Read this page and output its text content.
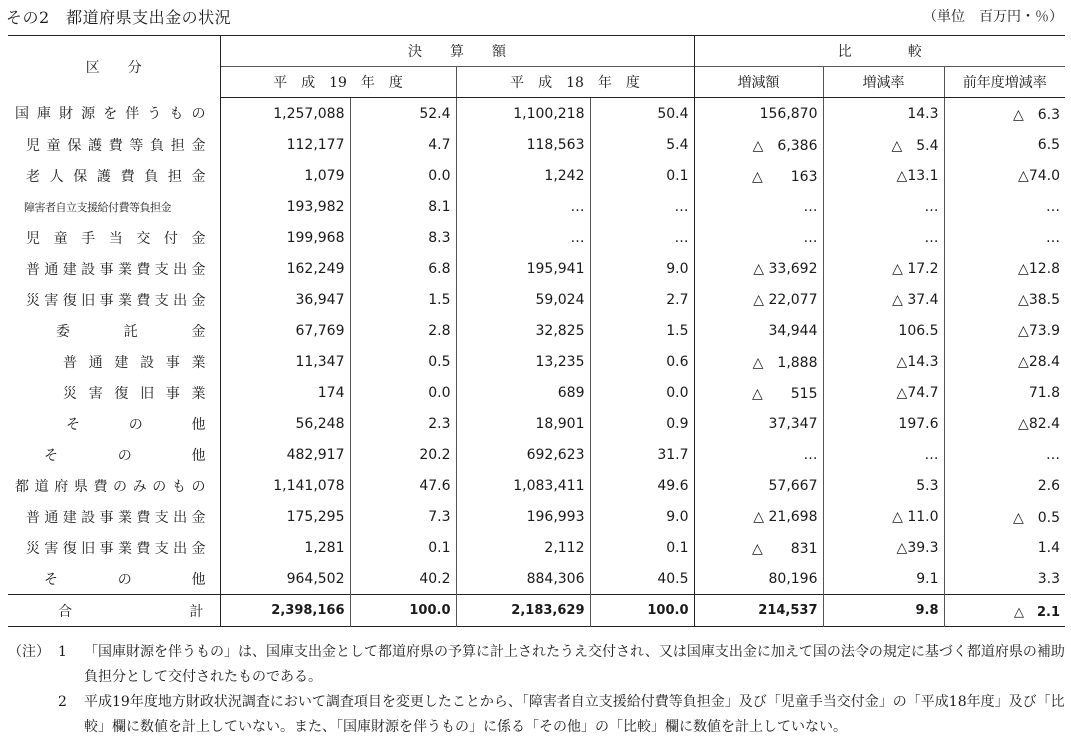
その2　都道府県支出金の状況	（単位　百万円・％）
区　　分	決　　算　　額				比　　　　較		
	平　成　19　年　度		平　成　18　年　度		増減額	増減率	前年度増減率
国庫財源を伴うもの	1,257,088	52.4	1,100,218	50.4	156,870	14.3	△　6.3
児童保護費等負担金	112,177	4.7	118,563	5.4	△　6,386	△　5.4	6.5
老人保護費負担金	1,079	0.0	1,242	0.1	△　　163	△13.1	△74.0
障害者自立支援給付費等負担金	193,982	8.1	…	…	…	…	…
児童手当交付金	199,968	8.3	…	…	…	…	…
普通建設事業費支出金	162,249	6.8	195,941	9.0	△ 33,692	△ 17.2	△12.8
災害復旧事業費支出金	36,947	1.5	59,024	2.7	△ 22,077	△ 37.4	△38.5
委託金	67,769	2.8	32,825	1.5	34,944	106.5	△73.9
普通建設事業	11,347	0.5	13,235	0.6	△　1,888	△14.3	△28.4
災害復旧事業	174	0.0	689	0.0	△　　515	△74.7	71.8
その他	56,248	2.3	18,901	0.9	37,347	197.6	△82.4
その他	482,917	20.2	692,623	31.7	…	…	…
都道府県費のみのもの	1,141,078	47.6	1,083,411	49.6	57,667	5.3	2.6
普通建設事業費支出金	175,295	7.3	196,993	9.0	△ 21,698	△ 11.0	△　0.5
災害復旧事業費支出金	1,281	0.1	2,112	0.1	△　　831	△39.3	1.4
その他	964,502	40.2	884,306	40.5	80,196	9.1	3.3
合計	2,398,166	100.0	2,183,629	100.0	214,537	9.8	△　2.1
（注） 1	「国庫財源を伴うもの」は、国庫支出金として都道府県の予算に計上されたうえ交付され、又は国庫支出金に加えて国の法令の規定に基づく都道府県の補助負担分として交付されたものである。
2	平成19年度地方財政状況調査において調査項目を変更したことから、「障害者自立支援給付費等負担金」及び「児童手当交付金」の「平成18年度」及び「比較」欄に数値を計上していない。また、「国庫財源を伴うもの」に係る「その他」の「比較」欄に数値を計上していない。
